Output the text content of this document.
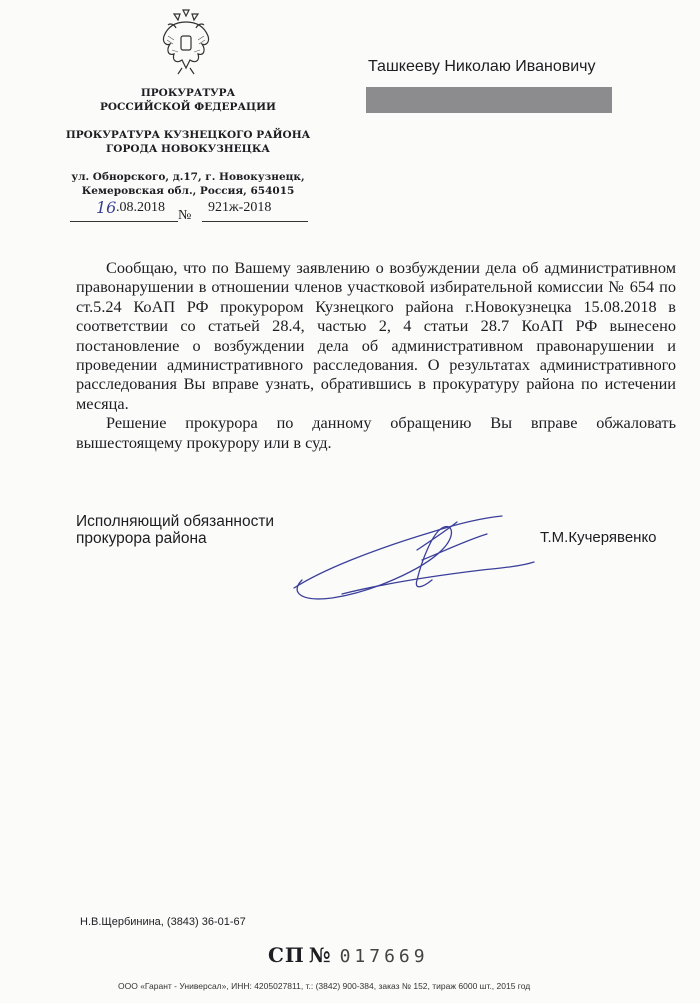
ПРОКУРАТУРА
РОССИЙСКОЙ ФЕДЕРАЦИИ
ПРОКУРАТУРА КУЗНЕЦКОГО РАЙОНА
ГОРОДА НОВОКУЗНЕЦКА
ул. Обнорского, д.17, г. Новокузнецк,
Кемеровская обл., Россия, 654015
16 .08.2018
№
921ж-2018
Ташкееву Николаю Ивановичу

Сообщаю, что по Вашему заявлению о возбуждении дела об административном правонарушении в отношении членов участковой избирательной комиссии № 654 по ст.5.24 КоАП РФ прокурором Кузнецкого района г.Новокузнецка 15.08.2018 в соответствии со статьей 28.4, частью 2, 4 статьи 28.7 КоАП РФ вынесено постановление о возбуждении дела об административном правонарушении и проведении административного расследования. О результатах административного расследования Вы вправе узнать, обратившись в прокуратуру района по истечении месяца.

Решение прокурора по данному обращению Вы вправе обжаловать вышестоящему прокурору или в суд.

Исполняющий обязанности
прокурора района	Т.М.Кучерявенко
Н.В.Щербинина, (3843) 36-01-67
СП № 017669
ООО «Гарант - Универсал», ИНН: 4205027811, т.: (3842) 900-384, заказ № 152, тираж 6000 шт., 2015 год
